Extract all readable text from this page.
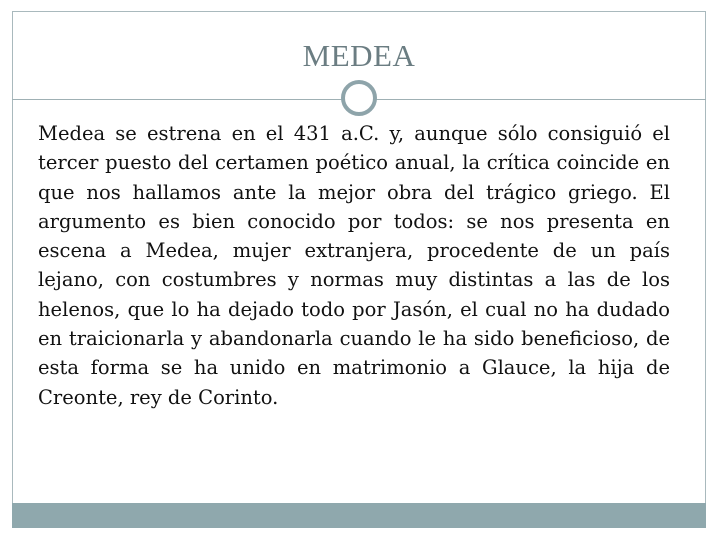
MEDEA

Medea se estrena en el 431 a.C. y, aunque sólo consiguió el tercer puesto del certamen poético anual, la crítica coincide en que nos hallamos ante la mejor obra del trágico griego. El argumento es bien conocido por todos: se nos presenta en escena a Medea, mujer extranjera, procedente de un país lejano, con costumbres y normas muy distintas a las de los helenos, que lo ha dejado todo por Jasón, el cual no ha dudado en traicionarla y abandonarla cuando le ha sido beneficioso, de esta forma se ha unido en matrimonio a Glauce, la hija de Creonte, rey de Corinto.
